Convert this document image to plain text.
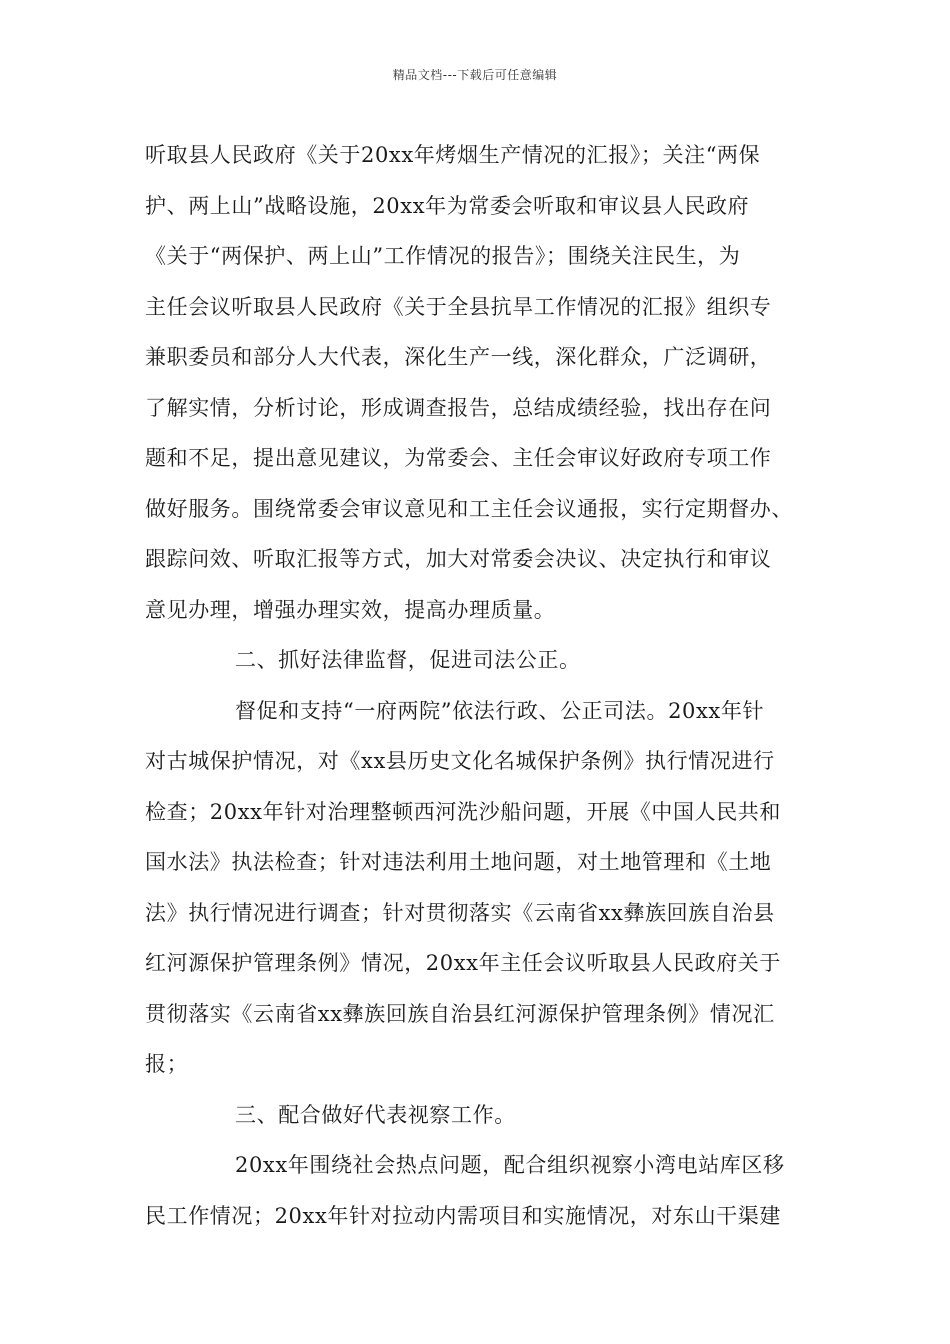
精品文档---下载后可任意编辑
听取县人民政府《关于20xx年烤烟生产情况的汇报》；关注“两保
护、两上山”战略设施，20xx年为常委会听取和审议县人民政府
《关于“两保护、两上山”工作情况的报告》；围绕关注民生，为
主任会议听取县人民政府《关于全县抗旱工作情况的汇报》组织专
兼职委员和部分人大代表，深化生产一线，深化群众，广泛调研，
了解实情，分析讨论，形成调查报告，总结成绩经验，找出存在问
题和不足，提出意见建议，为常委会、主任会审议好政府专项工作
做好服务。围绕常委会审议意见和工主任会议通报，实行定期督办、
跟踪问效、听取汇报等方式，加大对常委会决议、决定执行和审议
意见办理，增强办理实效，提高办理质量。
二、抓好法律监督，促进司法公正。
督促和支持“一府两院”依法行政、公正司法。20xx年针
对古城保护情况，对《xx县历史文化名城保护条例》执行情况进行
检查；20xx年针对治理整顿西河洗沙船问题，开展《中国人民共和
国水法》执法检查；针对违法利用土地问题，对土地管理和《土地
法》执行情况进行调查；针对贯彻落实《云南省xx彝族回族自治县
红河源保护管理条例》情况，20xx年主任会议听取县人民政府关于
贯彻落实《云南省xx彝族回族自治县红河源保护管理条例》情况汇
报；
三、配合做好代表视察工作。
20xx年围绕社会热点问题，配合组织视察小湾电站库区移
民工作情况；20xx年针对拉动内需项目和实施情况，对东山干渠建
